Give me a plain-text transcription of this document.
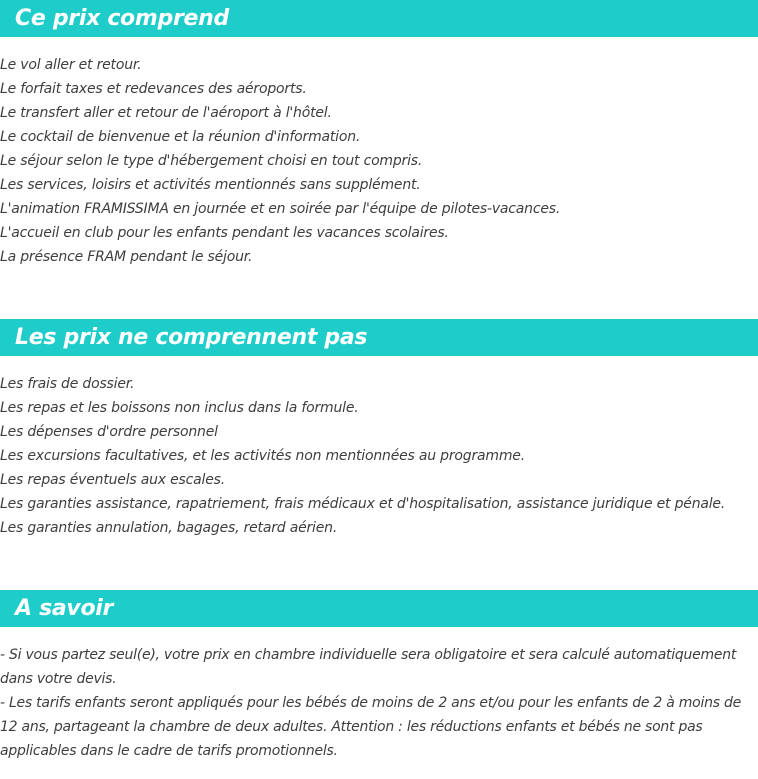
Ce prix comprend
Le vol aller et retour.
Le forfait taxes et redevances des aéroports.
Le transfert aller et retour de l'aéroport à l'hôtel.
Le cocktail de bienvenue et la réunion d'information.
Le séjour selon le type d'hébergement choisi en tout compris.
Les services, loisirs et activités mentionnés sans supplément.
L'animation FRAMISSIMA en journée et en soirée par l'équipe de pilotes-vacances.
L'accueil en club pour les enfants pendant les vacances scolaires.
La présence FRAM pendant le séjour.
Les prix ne comprennent pas
Les frais de dossier.
Les repas et les boissons non inclus dans la formule.
Les dépenses d'ordre personnel
Les excursions facultatives, et les activités non mentionnées au programme.
Les repas éventuels aux escales.
Les garanties assistance, rapatriement, frais médicaux et d'hospitalisation, assistance juridique et pénale.
Les garanties annulation, bagages, retard aérien.
A savoir
- Si vous partez seul(e), votre prix en chambre individuelle sera obligatoire et sera calculé automatiquement dans votre devis.
- Les tarifs enfants seront appliqués pour les bébés de moins de 2 ans et/ou pour les enfants de 2 à moins de 12 ans, partageant la chambre de deux adultes. Attention : les réductions enfants et bébés ne sont pas applicables dans le cadre de tarifs promotionnels.
